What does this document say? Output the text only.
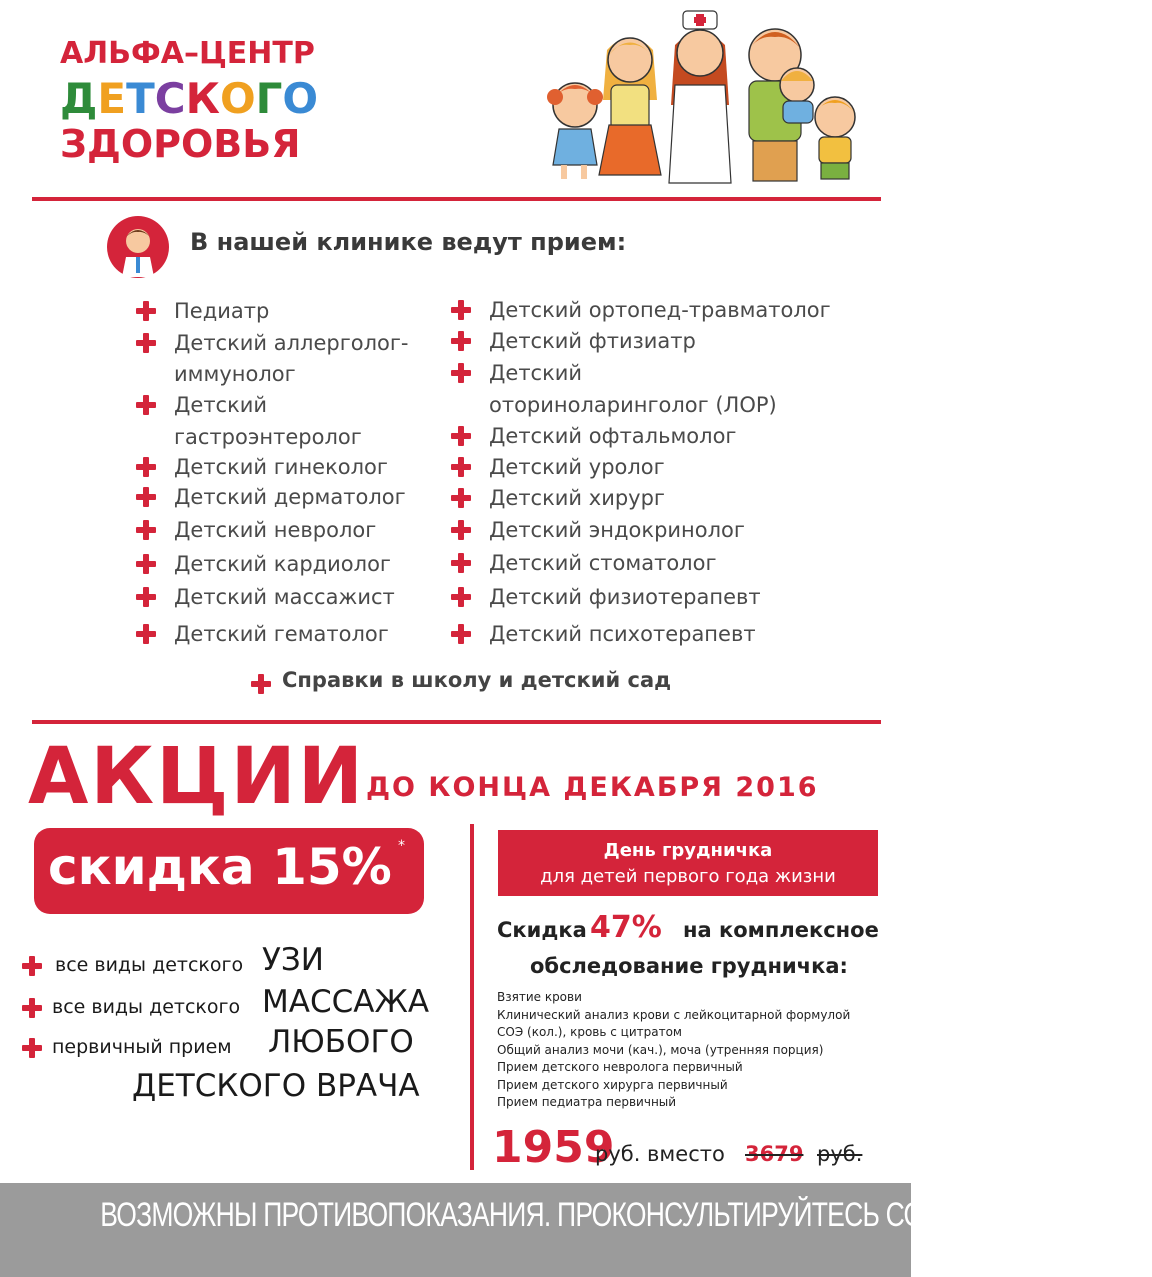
АЛЬФА–ЦЕНТР
ДЕТСКОГО
ЗДОРОВЬЯ
В нашей клинике ведут прием:
Педиатр
Детский аллерголог-
иммунолог
Детский
гастроэнтеролог
Детский гинеколог
Детский дерматолог
Детский невролог
Детский кардиолог
Детский массажист
Детский гематолог
Детский ортопед-травматолог
Детский фтизиатр
Детский
оториноларинголог (ЛОР)
Детский офтальмолог
Детский уролог
Детский хирург
Детский эндокринолог
Детский стоматолог
Детский физиотерапевт
Детский психотерапевт
Справки в школу и детский сад
АКЦИИ ДО КОНЦА ДЕКАБРЯ 2016
скидка 15% *
все виды детского УЗИ
все виды детского МАССАЖА
первичный прием ЛЮБОГО
ДЕТСКОГО ВРАЧА
День грудничка
для детей первого года жизни
Скидка 47% на комплексное
обследование грудничка:
Взятие крови
Клинический анализ крови с лейкоцитарной формулой
СОЭ (кол.), кровь с цитратом
Общий анализ мочи (кач.), моча (утренняя порция)
Прием детского невролога первичный
Прием детского хирурга первичный
Прием педиатра первичный
1959
руб. вместо 3679 руб.
ВОЗМОЖНЫ ПРОТИВОПОКАЗАНИЯ. ПРОКОНСУЛЬТИРУЙТЕСЬ СО СПЕЦИАЛИСТОМ.
